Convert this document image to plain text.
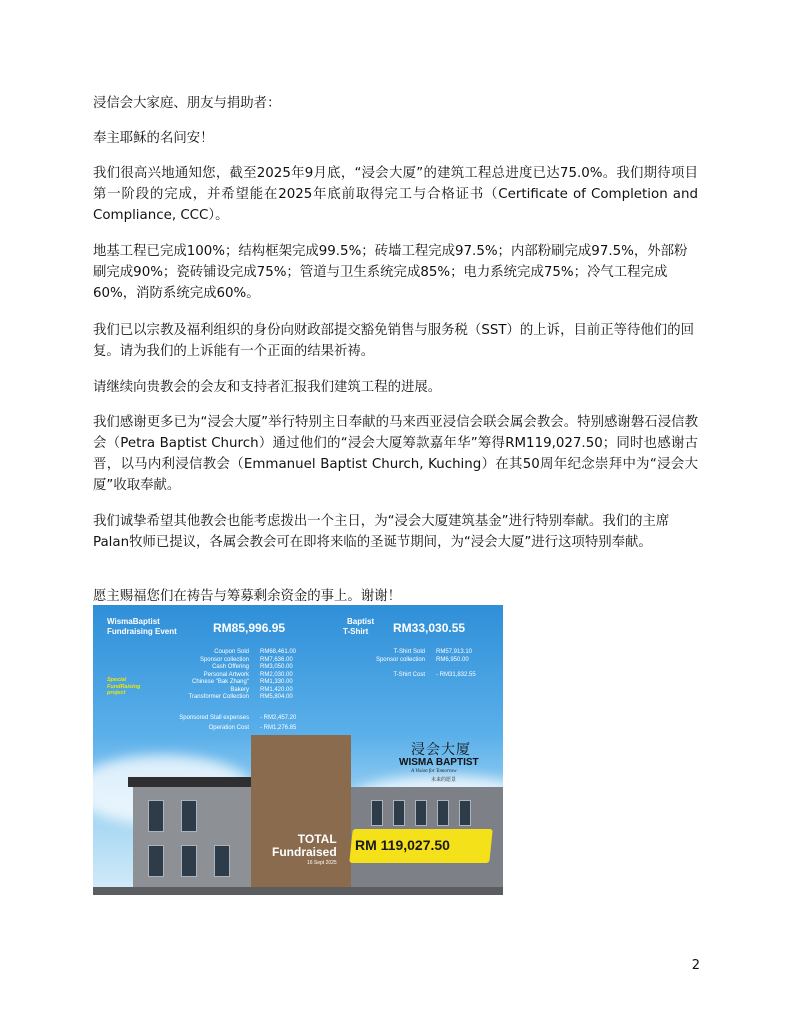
浸信会大家庭、朋友与捐助者：

奉主耶稣的名问安！

我们很高兴地通知您，截至2025年9月底，“浸会大厦”的建筑工程总进度已达75.0%。我们期待项目第一阶段的完成，并希望能在2025年底前取得完工与合格证书（Certificate of Completion and Compliance, CCC）。

地基工程已完成100%；结构框架完成99.5%；砖墙工程完成97.5%；内部粉刷完成97.5%，外部粉刷完成90%；瓷砖铺设完成75%；管道与卫生系统完成85%；电力系统完成75%；冷气工程完成60%，消防系统完成60%。

我们已以宗教及福利组织的身份向财政部提交豁免销售与服务税（SST）的上诉，目前正等待他们的回复。请为我们的上诉能有一个正面的结果祈祷。

请继续向贵教会的会友和支持者汇报我们建筑工程的进展。

我们感谢更多已为“浸会大厦”举行特别主日奉献的马来西亚浸信会联会属会教会。特别感谢磐石浸信教会（Petra Baptist Church）通过他们的“浸会大厦筹款嘉年华”筹得RM119,027.50；同时也感谢古晋，以马内利浸信教会（Emmanuel Baptist Church, Kuching）在其50周年纪念崇拜中为“浸会大厦”收取奉献。

我们诚挚希望其他教会也能考虑拨出一个主日，为“浸会大厦建筑基金”进行特别奉献。我们的主席Palan牧师已提议，各属会教会可在即将来临的圣诞节期间，为“浸会大厦”进行这项特别奉献。

愿主赐福您们在祷告与筹募剩余资金的事上。谢谢！

WismaBaptist
Fundraising Event	RM85,996.95
Coupon Sold RM68,461.00
Sponsor collection RM7,636.00
Cash Offering RM3,050.00
Personal Artwork RM2,030.00
Chinese "Bak Zhang" RM1,330.00
Bakery RM1,420.00
Transformer Collection RM5,804.00
Special FundRaising project
Sponsored Stall expenses - RM2,457.20
Operation Cost - RM1,276.85
Baptist
T-Shirt RM33,030.55
T-Shirt Sold RM57,913.10
Sponsor collection RM6,950.00
T-Shirt Cost - RM31,832.55
浸会大厦
WISMA BAPTIST
A Vision for Tomorrow
未来的愿景
TOTAL
Fundraised
16 Sept 2025
RM 119,027.50
2
